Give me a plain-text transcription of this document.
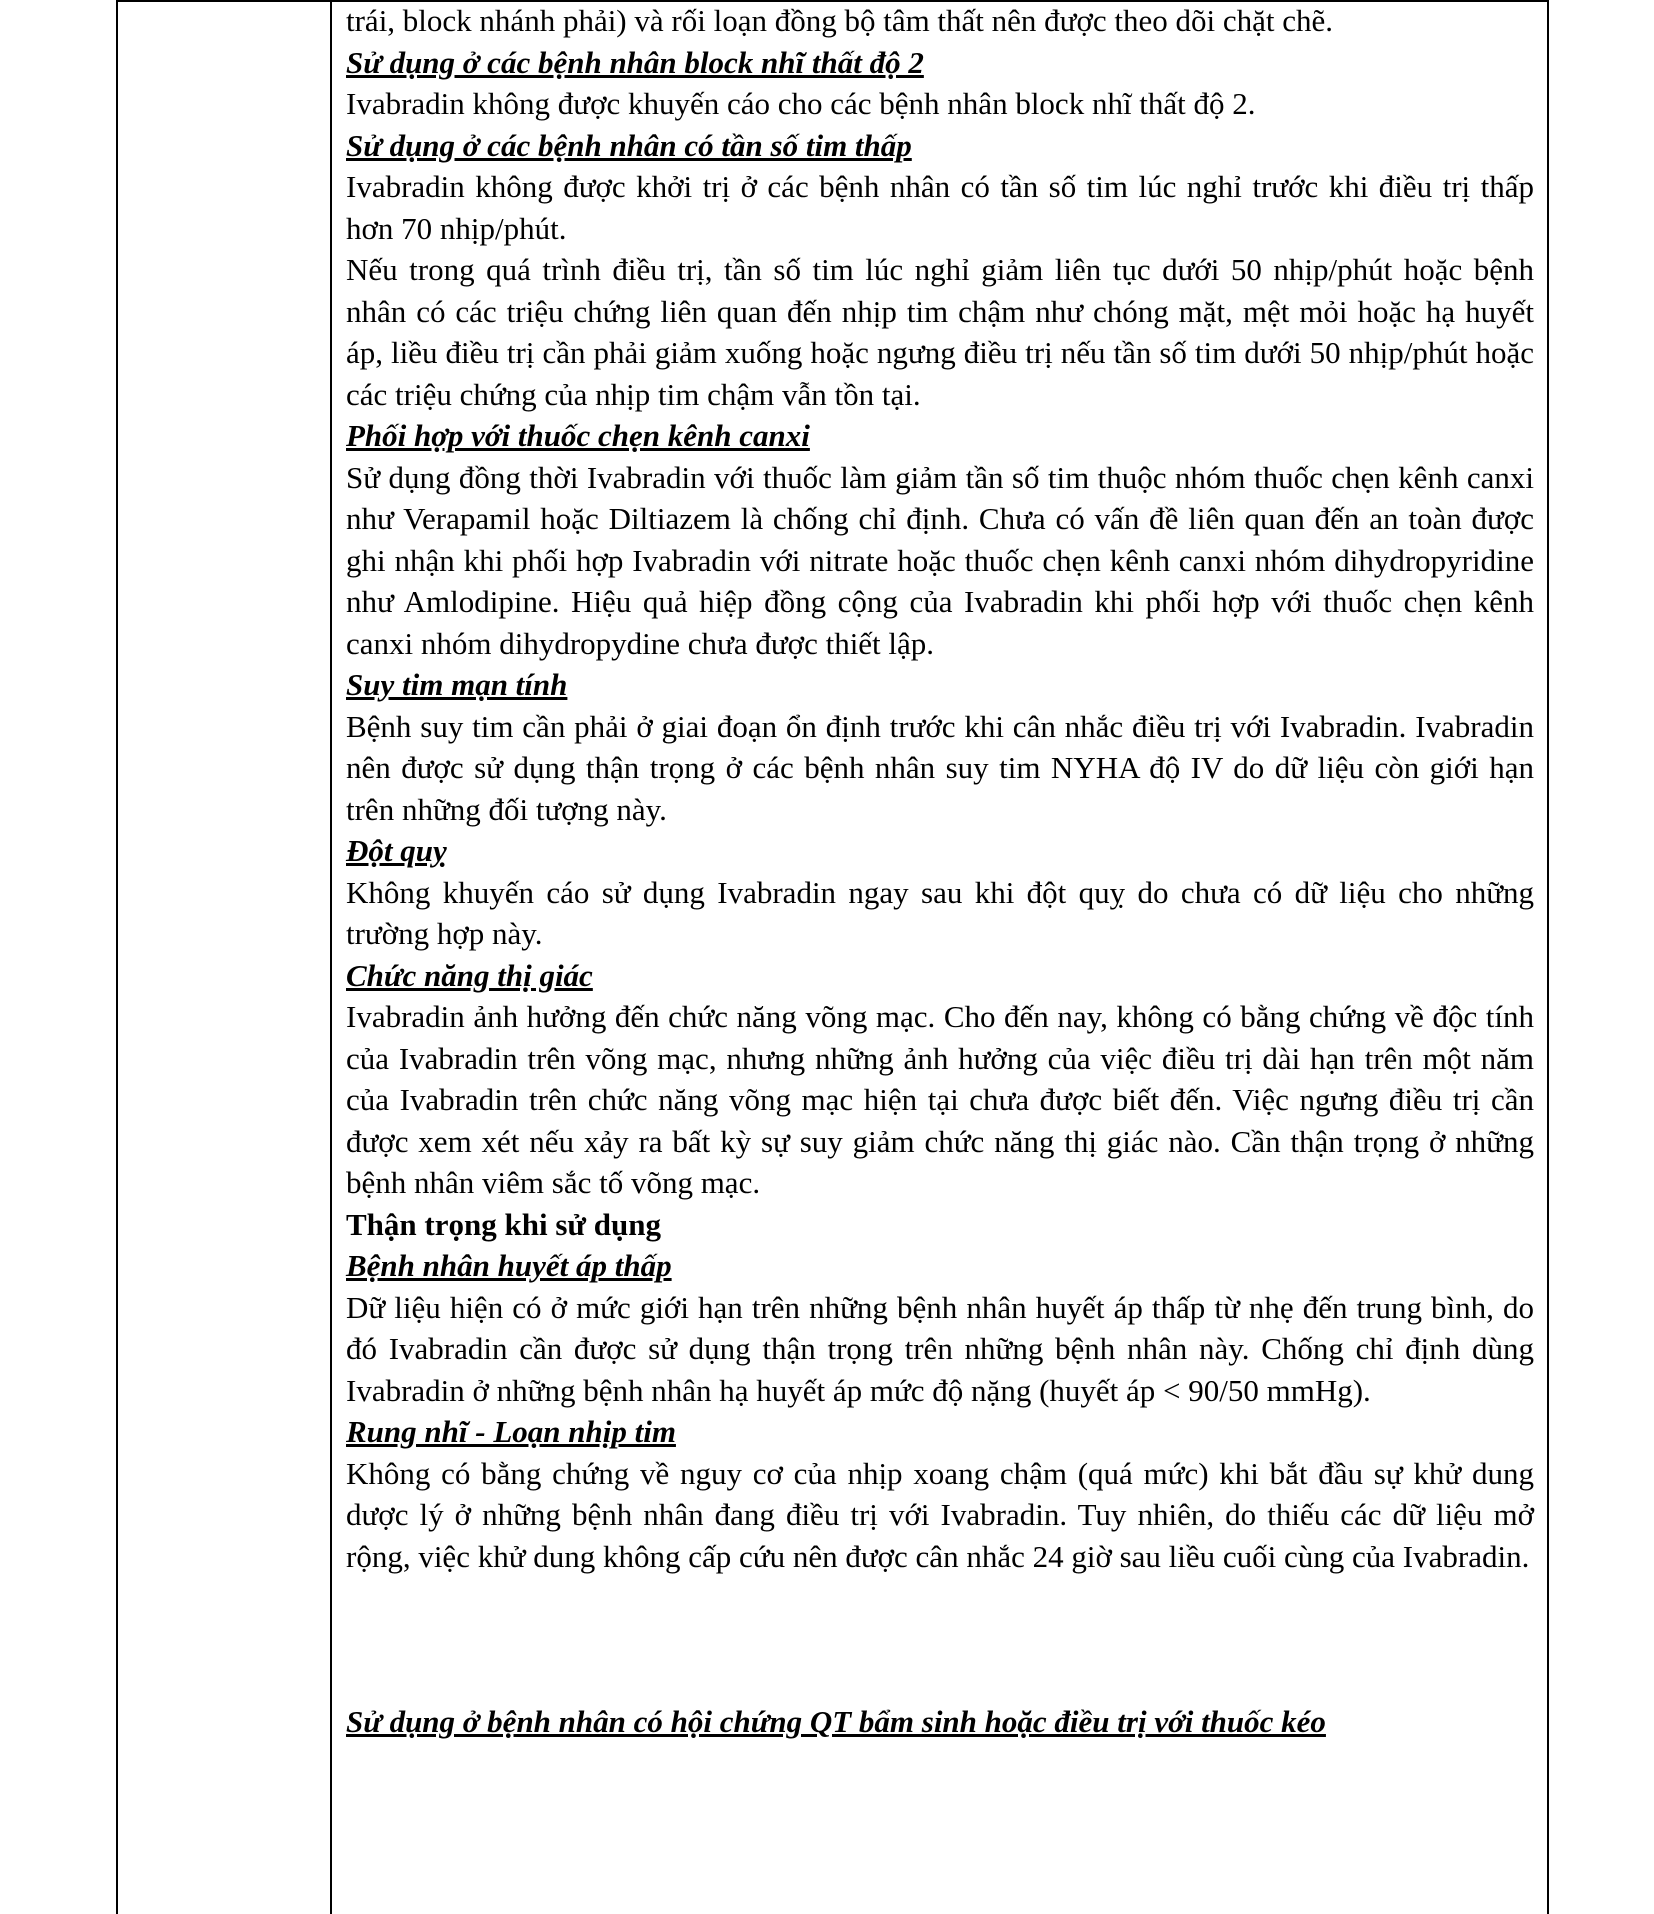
trái, block nhánh phải) và rối loạn đồng bộ tâm thất nên được theo dõi chặt chẽ.

Sử dụng ở các bệnh nhân block nhĩ thất độ 2

Ivabradin không được khuyến cáo cho các bệnh nhân block nhĩ thất độ 2.

Sử dụng ở các bệnh nhân có tần số tim thấp

Ivabradin không được khởi trị ở các bệnh nhân có tần số tim lúc nghỉ trước khi điều trị thấp hơn 70 nhịp/phút.

Nếu trong quá trình điều trị, tần số tim lúc nghỉ giảm liên tục dưới 50 nhịp/phút hoặc bệnh nhân có các triệu chứng liên quan đến nhịp tim chậm như chóng mặt, mệt mỏi hoặc hạ huyết áp, liều điều trị cần phải giảm xuống hoặc ngưng điều trị nếu tần số tim dưới 50 nhịp/phút hoặc các triệu chứng của nhịp tim chậm vẫn tồn tại.

Phối hợp với thuốc chẹn kênh canxi

Sử dụng đồng thời Ivabradin với thuốc làm giảm tần số tim thuộc nhóm thuốc chẹn kênh canxi như Verapamil hoặc Diltiazem là chống chỉ định. Chưa có vấn đề liên quan đến an toàn được ghi nhận khi phối hợp Ivabradin với nitrate hoặc thuốc chẹn kênh canxi nhóm dihydropyridine như Amlodipine. Hiệu quả hiệp đồng cộng của Ivabradin khi phối hợp với thuốc chẹn kênh canxi nhóm dihydropydine chưa được thiết lập.

Suy tim mạn tính

Bệnh suy tim cần phải ở giai đoạn ổn định trước khi cân nhắc điều trị với Ivabradin. Ivabradin nên được sử dụng thận trọng ở các bệnh nhân suy tim NYHA độ IV do dữ liệu còn giới hạn trên những đối tượng này.

Đột quỵ

Không khuyến cáo sử dụng Ivabradin ngay sau khi đột quỵ do chưa có dữ liệu cho những trường hợp này.

Chức năng thị giác

Ivabradin ảnh hưởng đến chức năng võng mạc. Cho đến nay, không có bằng chứng về độc tính của Ivabradin trên võng mạc, nhưng những ảnh hưởng của việc điều trị dài hạn trên một năm của Ivabradin trên chức năng võng mạc hiện tại chưa được biết đến. Việc ngưng điều trị cần được xem xét nếu xảy ra bất kỳ sự suy giảm chức năng thị giác nào. Cần thận trọng ở những bệnh nhân viêm sắc tố võng mạc.

Thận trọng khi sử dụng
Bệnh nhân huyết áp thấp

Dữ liệu hiện có ở mức giới hạn trên những bệnh nhân huyết áp thấp từ nhẹ đến trung bình, do đó Ivabradin cần được sử dụng thận trọng trên những bệnh nhân này. Chống chỉ định dùng Ivabradin ở những bệnh nhân hạ huyết áp mức độ nặng (huyết áp < 90/50 mmHg).

Rung nhĩ - Loạn nhịp tim

Không có bằng chứng về nguy cơ của nhịp xoang chậm (quá mức) khi bắt đầu sự khử dung dược lý ở những bệnh nhân đang điều trị với Ivabradin. Tuy nhiên, do thiếu các dữ liệu mở rộng, việc khử dung không cấp cứu nên được cân nhắc 24 giờ sau liều cuối cùng của Ivabradin.

Sử dụng ở bệnh nhân có hội chứng QT bẩm sinh hoặc điều trị với thuốc kéo
